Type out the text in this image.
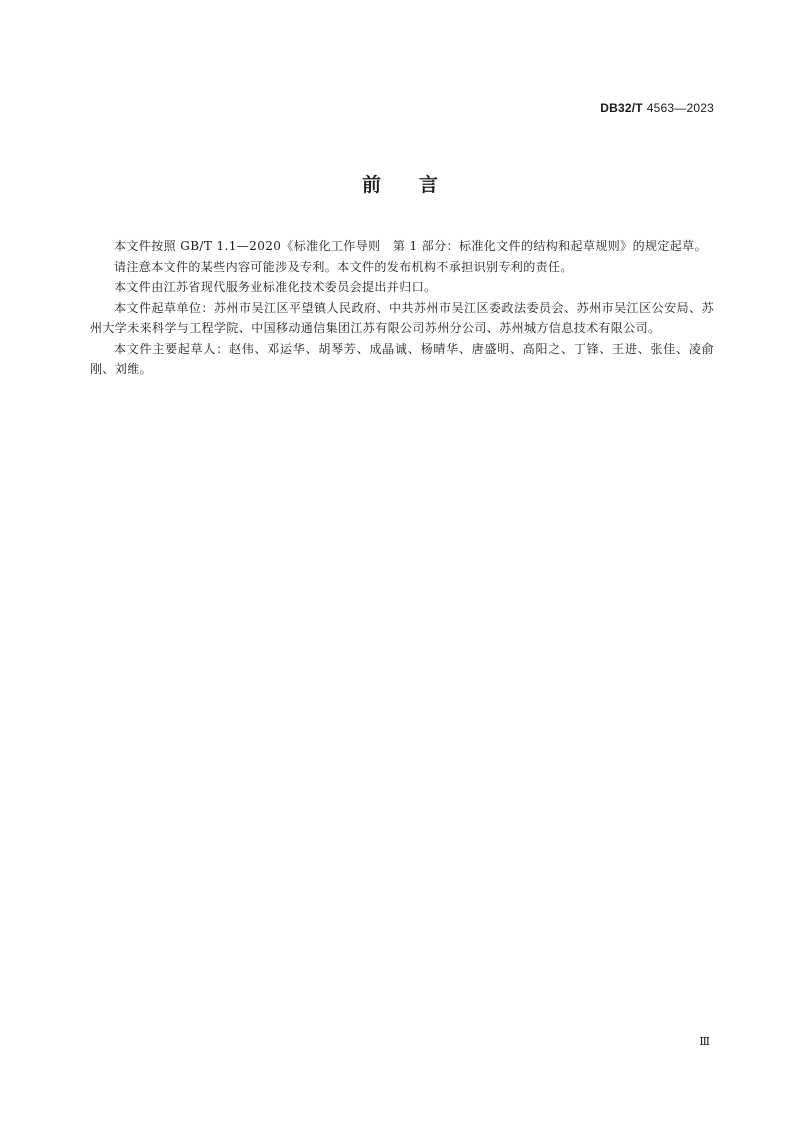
DB32/T 4563—2023
前 言

本文件按照 GB/T 1.1—2020《标准化工作导则　第 1 部分：标准化文件的结构和起草规则》的规定起草。

请注意本文件的某些内容可能涉及专利。本文件的发布机构不承担识别专利的责任。

本文件由江苏省现代服务业标准化技术委员会提出并归口。

本文件起草单位：苏州市吴江区平望镇人民政府、中共苏州市吴江区委政法委员会、苏州市吴江区公安局、苏州大学未来科学与工程学院、中国移动通信集团江苏有限公司苏州分公司、苏州城方信息技术有限公司。

本文件主要起草人：赵伟、邓运华、胡琴芳、成晶诚、杨晴华、唐盛明、高阳之、丁锋、王进、张佳、凌俞刚、刘维。

Ⅲ
